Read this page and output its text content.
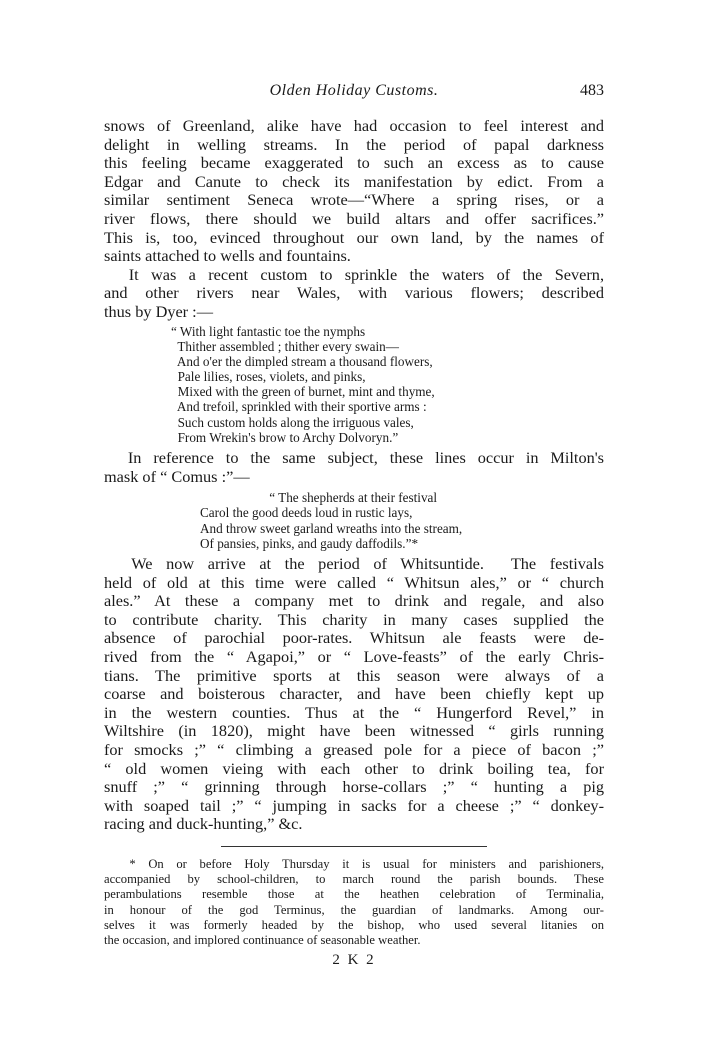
Olden Holiday Customs.	483
snows of Greenland, alike have had occasion to feel interest and
delight in welling streams. In the period of papal darkness
this feeling became exaggerated to such an excess as to cause
Edgar and Canute to check its manifestation by edict. From a
similar sentiment Seneca wrote—“Where a spring rises, or a
river flows, there should we build altars and offer sacrifices.”
This is, too, evinced throughout our own land, by the names of
saints attached to wells and fountains.
It was a recent custom to sprinkle the waters of the Severn,
and other rivers near Wales, with various flowers; described
thus by Dyer :—
“ With light fantastic toe the nymphs
Thither assembled ; thither every swain—
And o'er the dimpled stream a thousand flowers,
Pale lilies, roses, violets, and pinks,
Mixed with the green of burnet, mint and thyme,
And trefoil, sprinkled with their sportive arms :
Such custom holds along the irriguous vales,
From Wrekin's brow to Archy Dolvoryn.”
In reference to the same subject, these lines occur in Milton's
mask of “ Comus :”—
“ The shepherds at their festival
Carol the good deeds loud in rustic lays,
And throw sweet garland wreaths into the stream,
Of pansies, pinks, and gaudy daffodils.”*
We now arrive at the period of Whitsuntide.  The festivals
held of old at this time were called “ Whitsun ales,” or “ church
ales.” At these a company met to drink and regale, and also
to contribute charity. This charity in many cases supplied the
absence of parochial poor-rates. Whitsun ale feasts were de-
rived from the “ Agapoi,” or “ Love-feasts” of the early Chris-
tians. The primitive sports at this season were always of a
coarse and boisterous character, and have been chiefly kept up
in the western counties. Thus at the “ Hungerford Revel,” in
Wiltshire (in 1820), might have been witnessed “ girls running
for smocks ;” “ climbing a greased pole for a piece of bacon ;”
“ old women vieing with each other to drink boiling tea, for
snuff ;” “ grinning through horse-collars ;” “ hunting a pig
with soaped tail ;” “ jumping in sacks for a cheese ;” “ donkey-
racing and duck-hunting,” &c.
* On or before Holy Thursday it is usual for ministers and parishioners,
accompanied by school-children, to march round the parish bounds. These
perambulations resemble those at the heathen celebration of Terminalia,
in honour of the god Terminus, the guardian of landmarks. Among our-
selves it was formerly headed by the bishop, who used several litanies on
the occasion, and implored continuance of seasonable weather.
2 K 2
